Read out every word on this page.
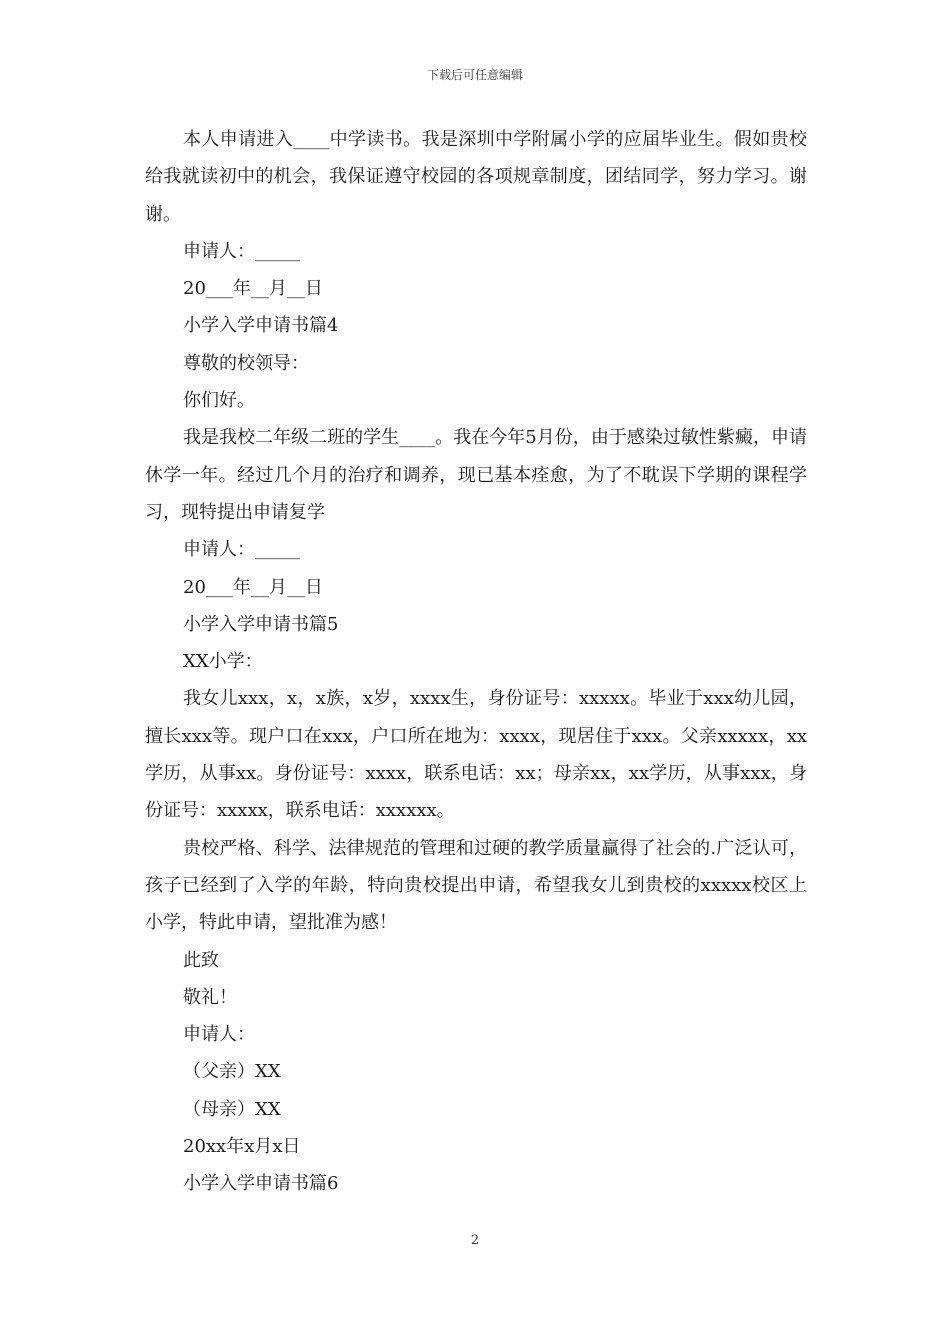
下载后可任意编辑

本人申请进入____中学读书。我是深圳中学附属小学的应届毕业生。假如贵校给我就读初中的机会，我保证遵守校园的各项规章制度，团结同学，努力学习。谢谢。

申请人：_____

20___年__月__日

小学入学申请书篇4

尊敬的校领导：

你们好。

我是我校二年级二班的学生____。我在今年5月份，由于感染过敏性紫癜，申请休学一年。经过几个月的治疗和调养，现已基本痊愈，为了不耽误下学期的课程学习，现特提出申请复学

申请人：_____

20___年__月__日

小学入学申请书篇5

XX小学：

我女儿xxx，x，x族，x岁，xxxx生，身份证号：xxxxx。毕业于xxx幼儿园，擅长xxx等。现户口在xxx，户口所在地为：xxxx，现居住于xxx。父亲xxxxx，xx学历，从事xx。身份证号：xxxx，联系电话：xx；母亲xx，xx学历，从事xxx，身份证号：xxxxx，联系电话：xxxxxx。

贵校严格、科学、法律规范的管理和过硬的教学质量赢得了社会的.广泛认可，孩子已经到了入学的年龄，特向贵校提出申请，希望我女儿到贵校的xxxxx校区上小学，特此申请，望批准为感！

此致

敬礼！

申请人：

（父亲）XX

（母亲）XX

20xx年x月x日

小学入学申请书篇6

2
